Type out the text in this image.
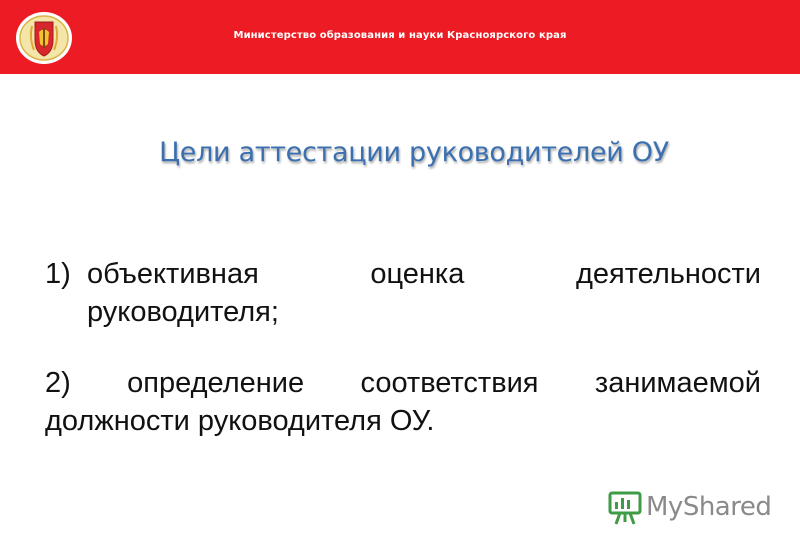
Министерство образования и науки Красноярского края
Цели аттестации руководителей ОУ
1) объективная оценка деятельности
руководителя;
2) определение соответствия занимаемой
должности руководителя ОУ.
MyShared
